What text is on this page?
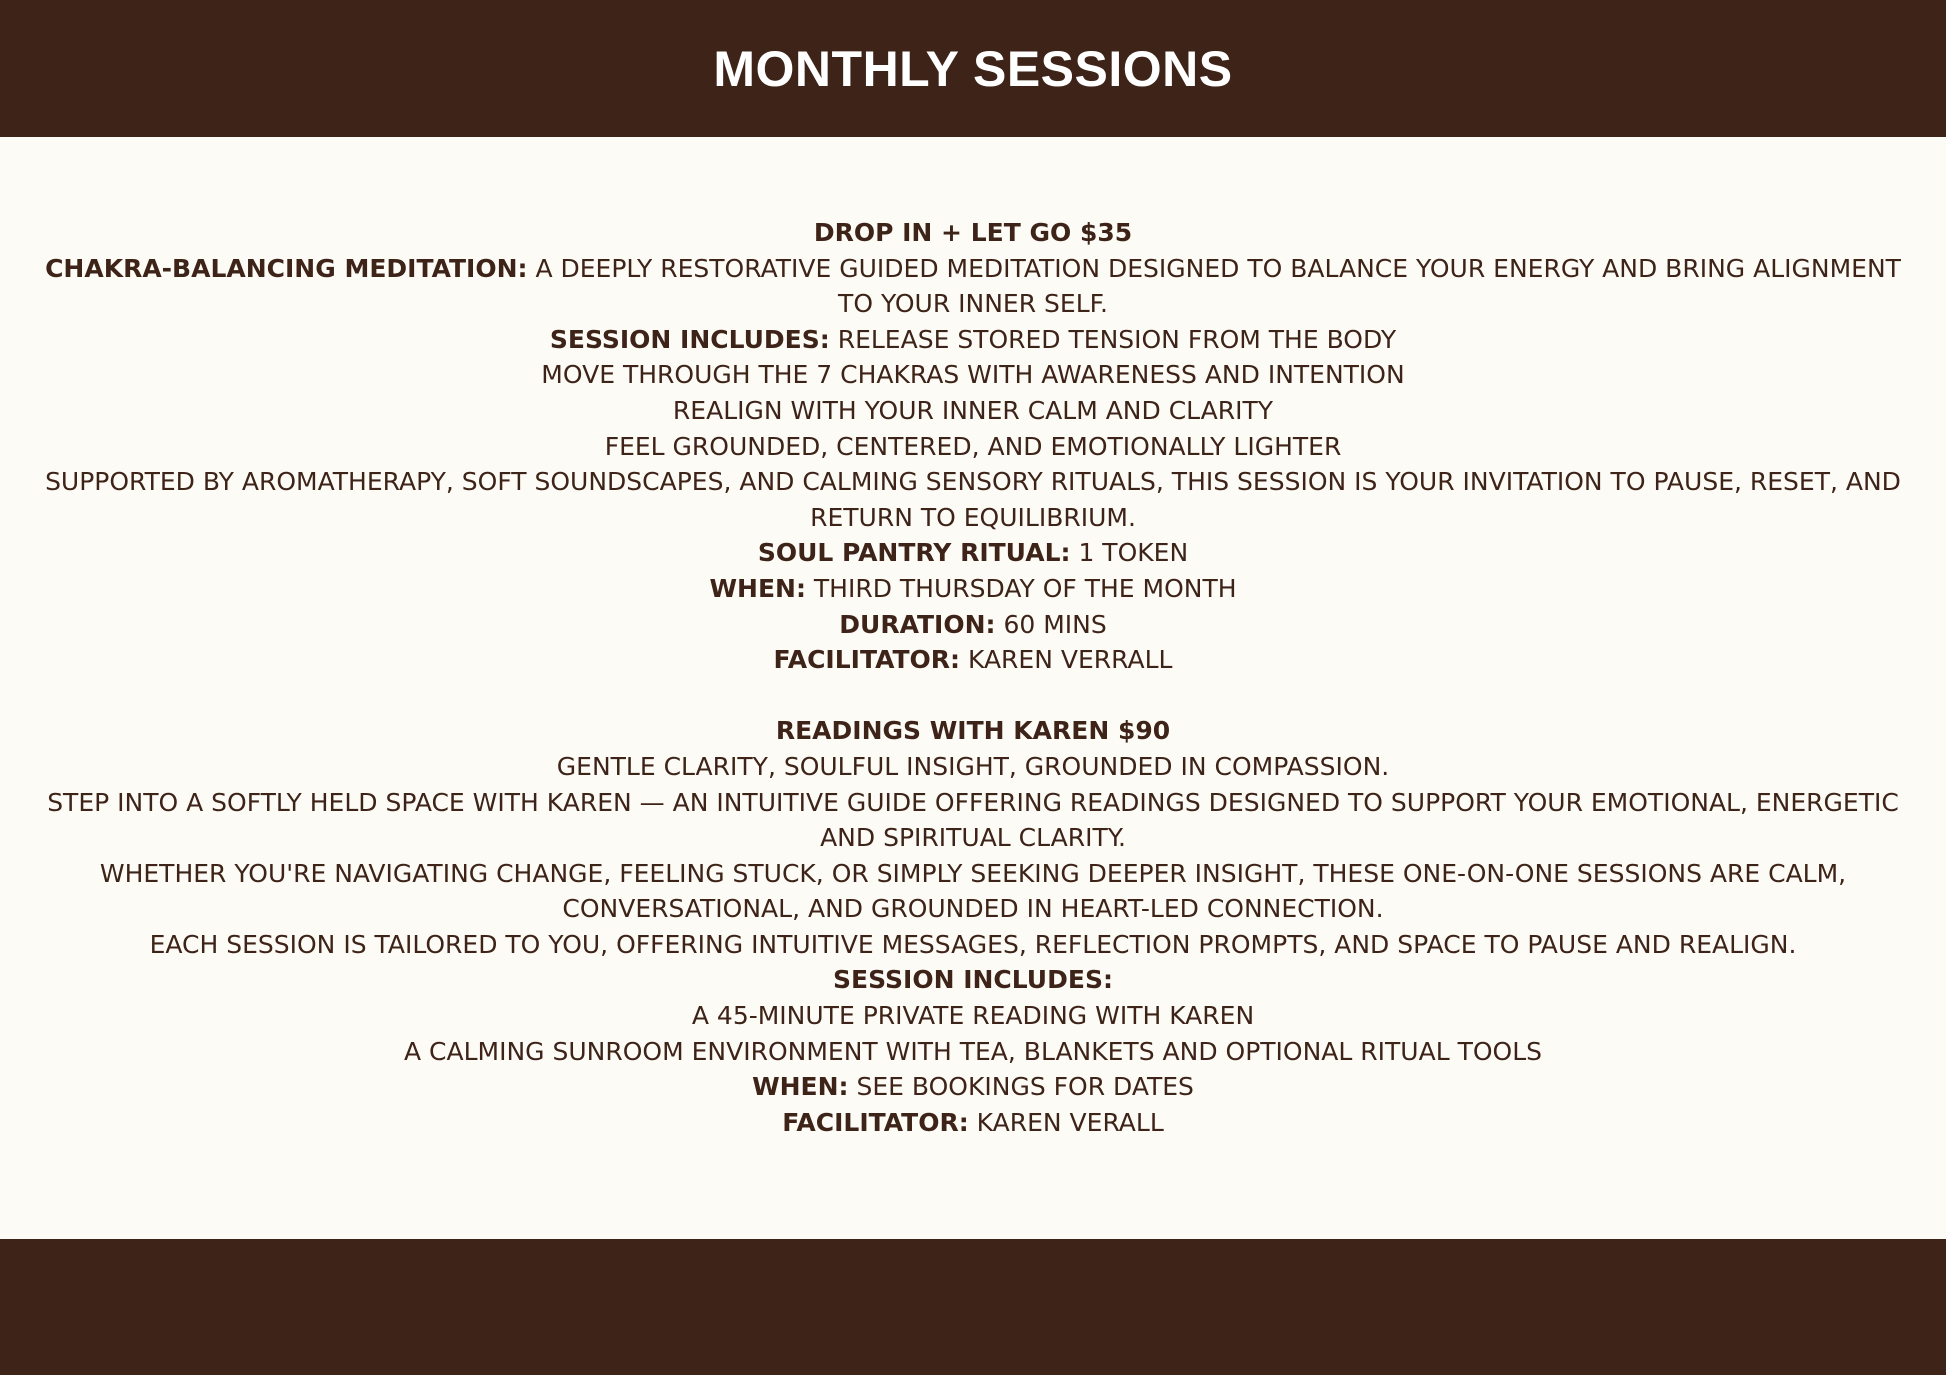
MONTHLY SESSIONS
DROP IN + LET GO $35
CHAKRA-BALANCING MEDITATION: A DEEPLY RESTORATIVE GUIDED MEDITATION DESIGNED TO BALANCE YOUR ENERGY AND BRING ALIGNMENT TO YOUR INNER SELF.
SESSION INCLUDES: RELEASE STORED TENSION FROM THE BODY
MOVE THROUGH THE 7 CHAKRAS WITH AWARENESS AND INTENTION
REALIGN WITH YOUR INNER CALM AND CLARITY
FEEL GROUNDED, CENTERED, AND EMOTIONALLY LIGHTER
SUPPORTED BY AROMATHERAPY, SOFT SOUNDSCAPES, AND CALMING SENSORY RITUALS, THIS SESSION IS YOUR INVITATION TO PAUSE, RESET, AND RETURN TO EQUILIBRIUM.
SOUL PANTRY RITUAL: 1 TOKEN
WHEN: THIRD THURSDAY OF THE MONTH
DURATION: 60 MINS
FACILITATOR: KAREN VERRALL
READINGS WITH KAREN $90
GENTLE CLARITY, SOULFUL INSIGHT, GROUNDED IN COMPASSION.
STEP INTO A SOFTLY HELD SPACE WITH KAREN — AN INTUITIVE GUIDE OFFERING READINGS DESIGNED TO SUPPORT YOUR EMOTIONAL, ENERGETIC AND SPIRITUAL CLARITY.
WHETHER YOU'RE NAVIGATING CHANGE, FEELING STUCK, OR SIMPLY SEEKING DEEPER INSIGHT, THESE ONE-ON-ONE SESSIONS ARE CALM, CONVERSATIONAL, AND GROUNDED IN HEART-LED CONNECTION.
EACH SESSION IS TAILORED TO YOU, OFFERING INTUITIVE MESSAGES, REFLECTION PROMPTS, AND SPACE TO PAUSE AND REALIGN.
SESSION INCLUDES:
A 45-MINUTE PRIVATE READING WITH KAREN
A CALMING SUNROOM ENVIRONMENT WITH TEA, BLANKETS AND OPTIONAL RITUAL TOOLS
WHEN: SEE BOOKINGS FOR DATES
FACILITATOR: KAREN VERALL
